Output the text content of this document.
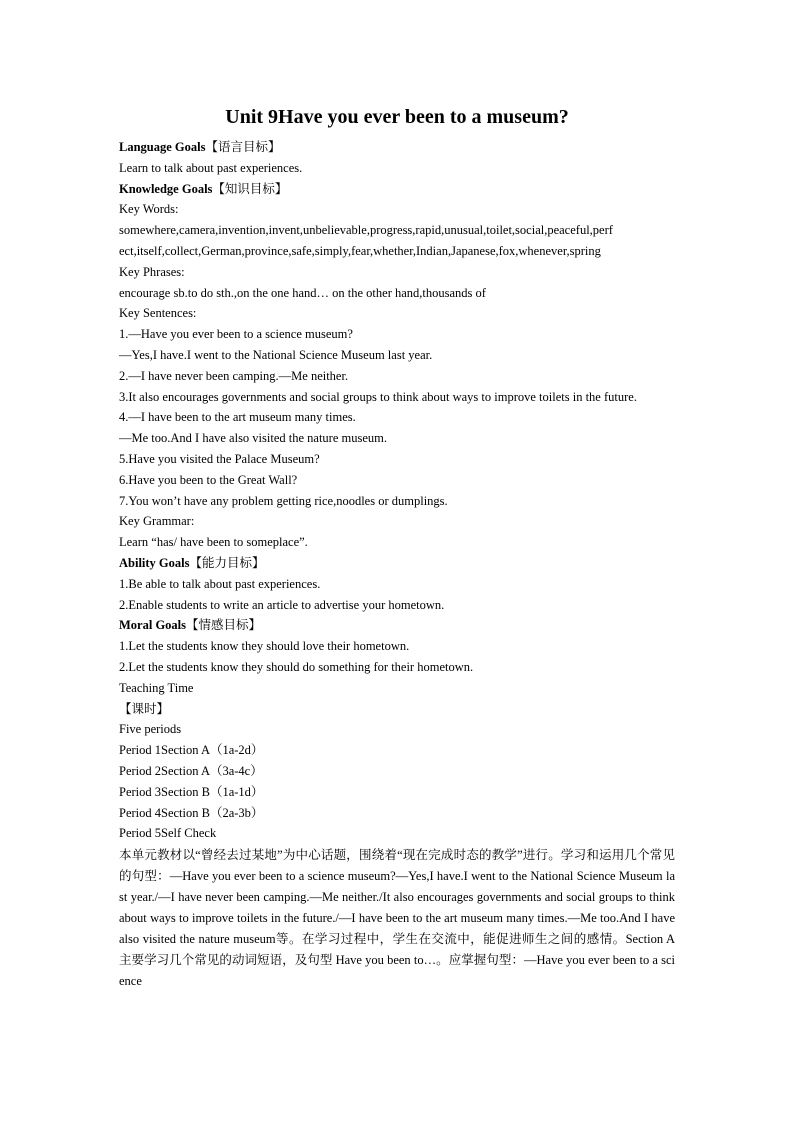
Unit 9Have you ever been to a museum?
Language Goals【语言目标】
Learn to talk about past experiences.
Knowledge Goals【知识目标】
Key Words:
somewhere,camera,invention,invent,unbelievable,progress,rapid,unusual,toilet,social,peaceful,perf
ect,itself,collect,German,province,safe,simply,fear,whether,Indian,Japanese,fox,whenever,spring
Key Phrases:
encourage sb.to do sth.,on the one hand… on the other hand,thousands of
Key Sentences:
1.—Have you ever been to a science museum?
—Yes,I have.I went to the National Science Museum last year.
2.—I have never been camping.—Me neither.
3.It also encourages governments and social groups to think about ways to improve toilets in the future.
4.—I have been to the art museum many times.
—Me too.And I have also visited the nature museum.
5.Have you visited the Palace Museum?
6.Have you been to the Great Wall?
7.You won’t have any problem getting rice,noodles or dumplings.
Key Grammar:
Learn “has/ have been to someplace”.
Ability Goals【能力目标】
1.Be able to talk about past experiences.
2.Enable students to write an article to advertise your hometown.
Moral Goals【情感目标】
1.Let the students know they should love their hometown.
2.Let the students know they should do something for their hometown.
Teaching Time
【课时】
Five periods
Period 1Section A（1a-2d）
Period 2Section A（3a-4c）
Period 3Section B（1a-1d）
Period 4Section B（2a-3b）
Period 5Self Check
本单元教材以“曾经去过某地”为中心话题，围绕着“现在完成时态的教学”进行。学习和运用几个常见的句型：—Have you ever been to a science museum?—Yes,I have.I went to the National Science Museum last year./—I have never been camping.—Me neither./It also encourages governments and social groups to think about ways to improve toilets in the future./—I have been to the art museum many times.—Me too.And I have also visited the nature museum等。在学习过程中，学生在交流中，能促进师生之间的感情。Section A 主要学习几个常见的动词短语，及句型 Have you been to…。应掌握句型：—Have you ever been to a science
